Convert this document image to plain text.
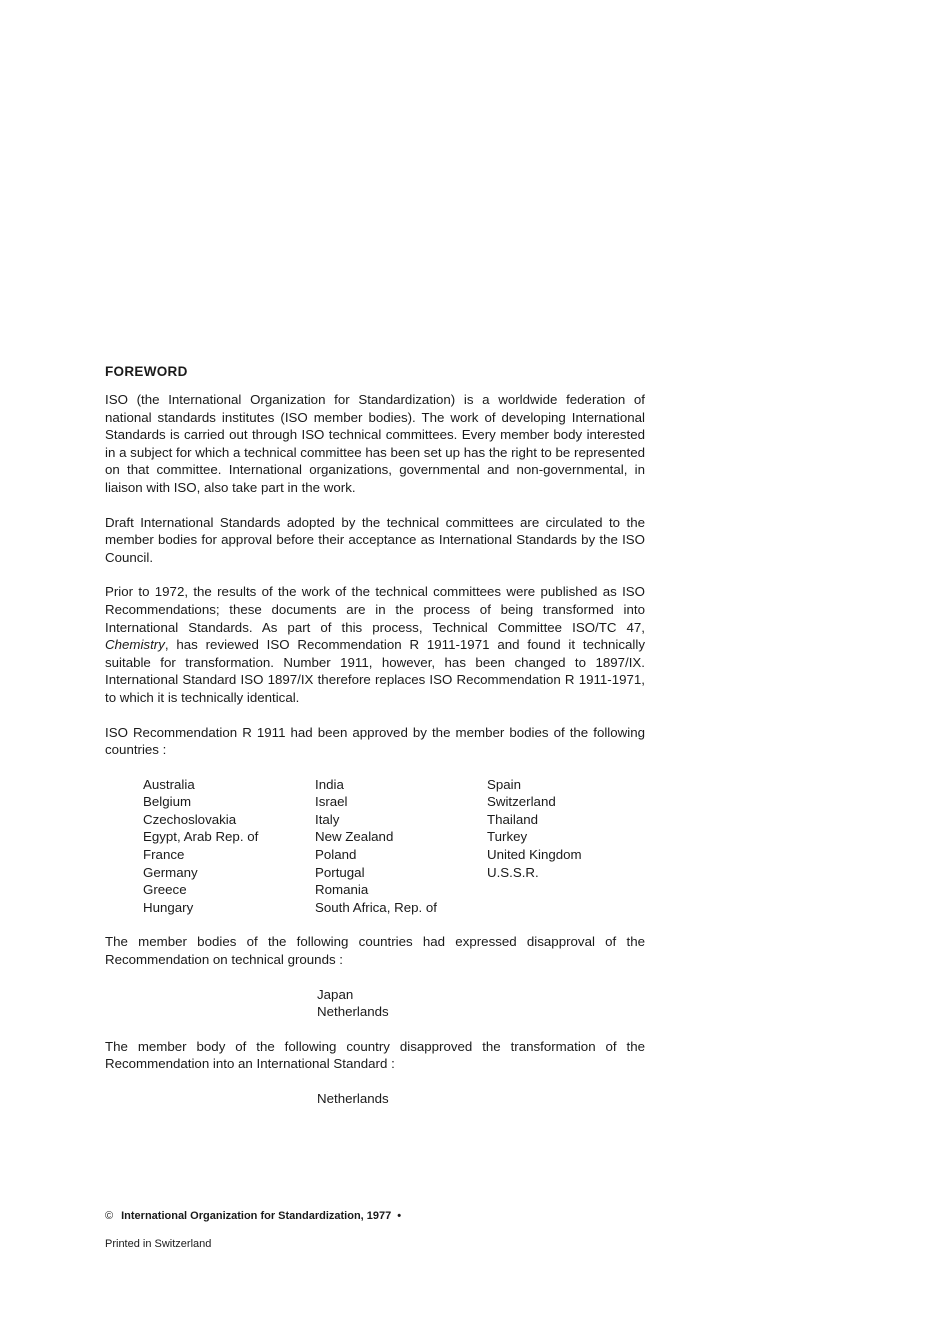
FOREWORD

ISO (the International Organization for Standardization) is a worldwide federation of national standards institutes (ISO member bodies). The work of developing International Standards is carried out through ISO technical committees. Every member body interested in a subject for which a technical committee has been set up has the right to be represented on that committee. International organizations, governmental and non-governmental, in liaison with ISO, also take part in the work.

Draft International Standards adopted by the technical committees are circulated to the member bodies for approval before their acceptance as International Standards by the ISO Council.

Prior to 1972, the results of the work of the technical committees were published as ISO Recommendations; these documents are in the process of being transformed into International Standards. As part of this process, Technical Committee ISO/TC 47, Chemistry, has reviewed ISO Recommendation R 1911-1971 and found it technically suitable for transformation. Number 1911, however, has been changed to 1897/IX. International Standard ISO 1897/IX therefore replaces ISO Recommendation R 1911-1971, to which it is technically identical.

ISO Recommendation R 1911 had been approved by the member bodies of the following countries :

Australia
Belgium
Czechoslovakia
Egypt, Arab Rep. of
France
Germany
Greece
Hungary
India
Israel
Italy
New Zealand
Poland
Portugal
Romania
South Africa, Rep. of
Spain
Switzerland
Thailand
Turkey
United Kingdom
U.S.S.R.

The member bodies of the following countries had expressed disapproval of the Recommendation on technical grounds :

Japan
Netherlands

The member body of the following country disapproved the transformation of the Recommendation into an International Standard :

Netherlands
© International Organization for Standardization, 1977 •
Printed in Switzerland
